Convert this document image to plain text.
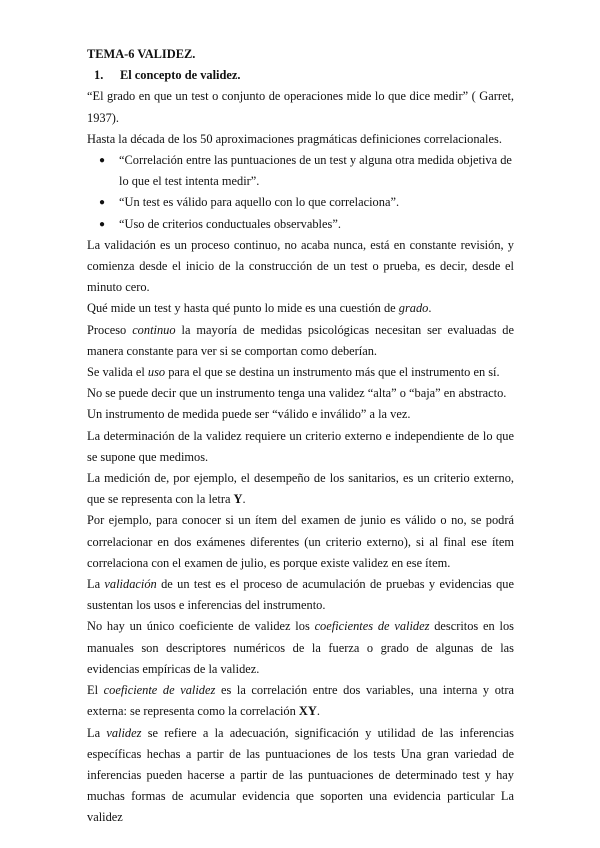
TEMA-6 VALIDEZ.

1. El concepto de validez.

“El grado en que un test o conjunto de operaciones mide lo que dice medir” ( Garret, 1937).

Hasta la década de los 50 aproximaciones pragmáticas definiciones correlacionales.

● “Correlación entre las puntuaciones de un test y alguna otra medida objetiva de lo que el test intenta medir”.
● “Un test es válido para aquello con lo que correlaciona”.
● “Uso de criterios conductuales observables”.

La validación es un proceso continuo, no acaba nunca, está en constante revisión, y comienza desde el inicio de la construcción de un test o prueba, es decir, desde el minuto cero.

Qué mide un test y hasta qué punto lo mide es una cuestión de grado.

Proceso continuo la mayoría de medidas psicológicas necesitan ser evaluadas de manera constante para ver si se comportan como deberían.

Se valida el uso para el que se destina un instrumento más que el instrumento en sí.

No se puede decir que un instrumento tenga una validez “alta” o “baja” en abstracto.

Un instrumento de medida puede ser “válido e inválido” a la vez.

La determinación de la validez requiere un criterio externo e independiente de lo que se supone que medimos.

La medición de, por ejemplo, el desempeño de los sanitarios, es un criterio externo, que se representa con la letra Y.

Por ejemplo, para conocer si un ítem del examen de junio es válido o no, se podrá correlacionar en dos exámenes diferentes (un criterio externo), si al final ese ítem correlaciona con el examen de julio, es porque existe validez en ese ítem.

La validación de un test es el proceso de acumulación de pruebas y evidencias que sustentan los usos e inferencias del instrumento.

No hay un único coeficiente de validez los coeficientes de validez descritos en los manuales son descriptores numéricos de la fuerza o grado de algunas de las evidencias empíricas de la validez.

El coeficiente de validez es la correlación entre dos variables, una interna y otra externa: se representa como la correlación XY.

La validez se refiere a la adecuación, significación y utilidad de las inferencias específicas hechas a partir de las puntuaciones de los tests Una gran variedad de inferencias pueden hacerse a partir de las puntuaciones de determinado test y hay muchas formas de acumular evidencia que soporten una evidencia particular La validez
